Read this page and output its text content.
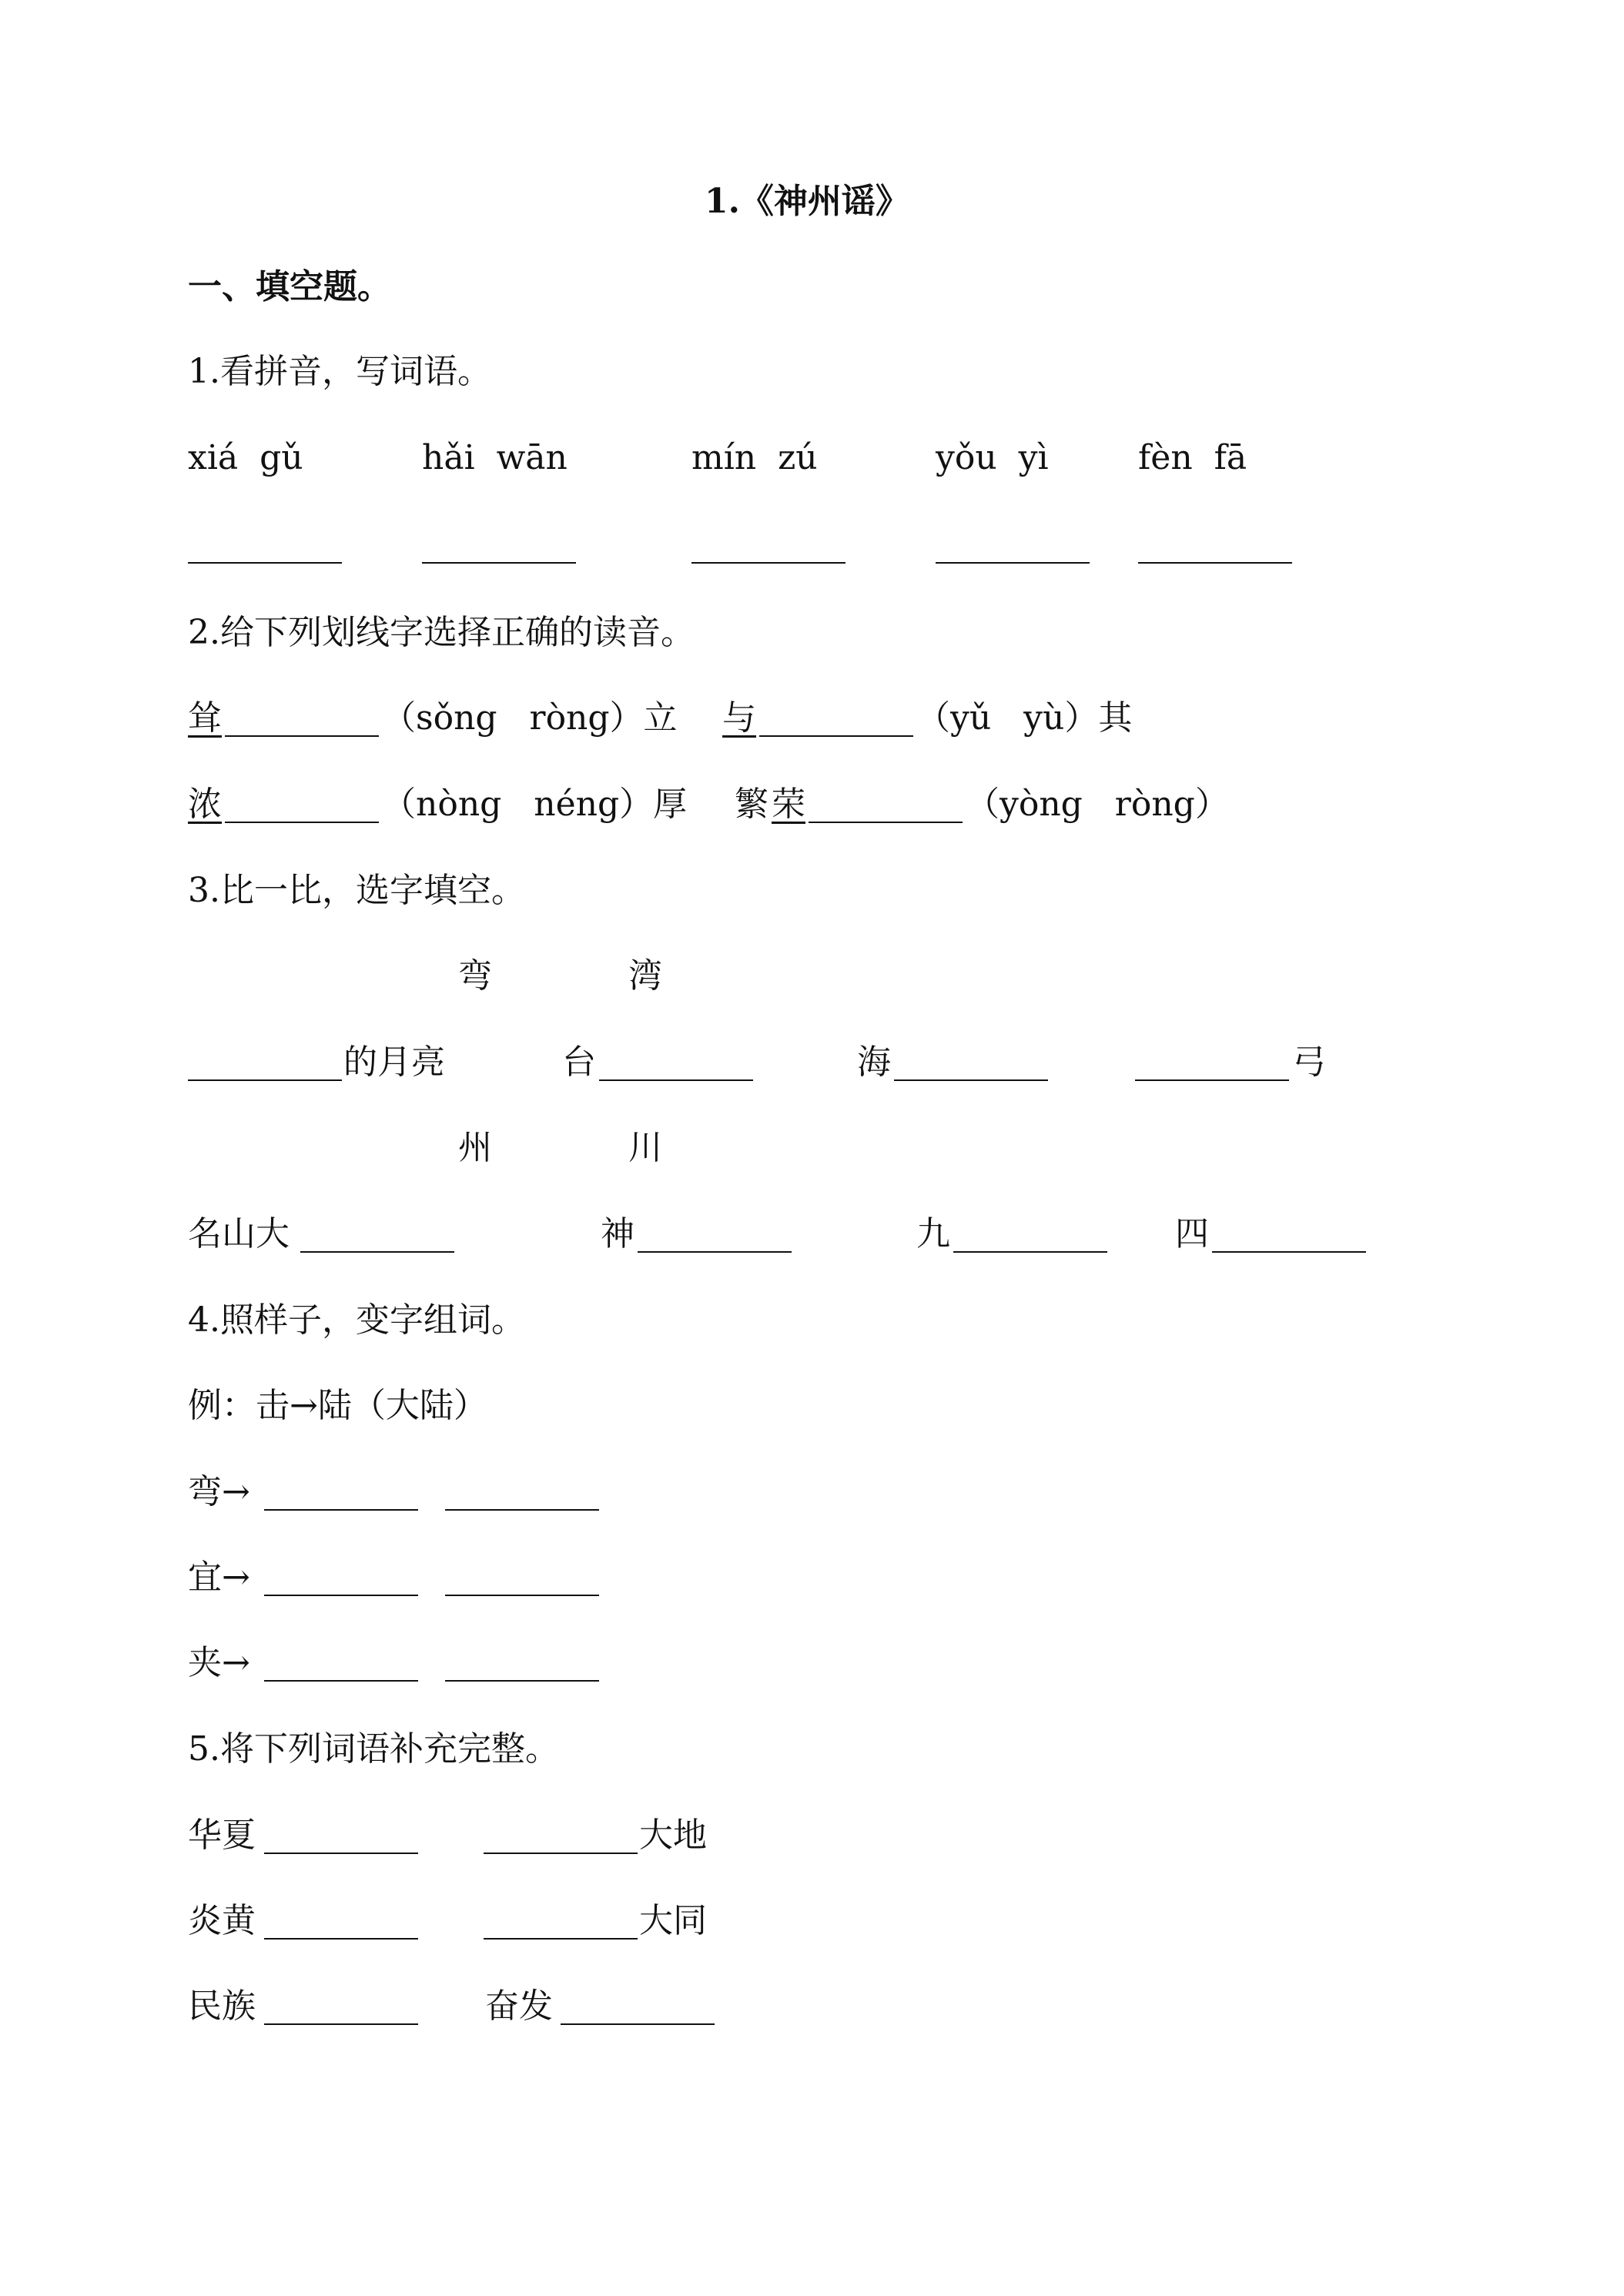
1.《神州谣》
一、填空题。
1.看拼音，写词语。
xiá  gǔ	hǎi  wān	mín  zú	yǒu  yì	fèn  fā
2.给下列划线字选择正确的读音。
耸	（sǒng   ròng）立 与	（yǔ   yù）其
浓	（nòng   néng）厚 繁 荣	（yòng   ròng）
3.比一比，选字填空。
弯	湾
的月亮	台	海	弓
州	川
名山大	神	九	四
4.照样子，变字组词。
例：击→陆（大陆）
弯→
宜→
夹→
5.将下列词语补充完整。
华夏	大地
炎黄	大同
民族	奋发
